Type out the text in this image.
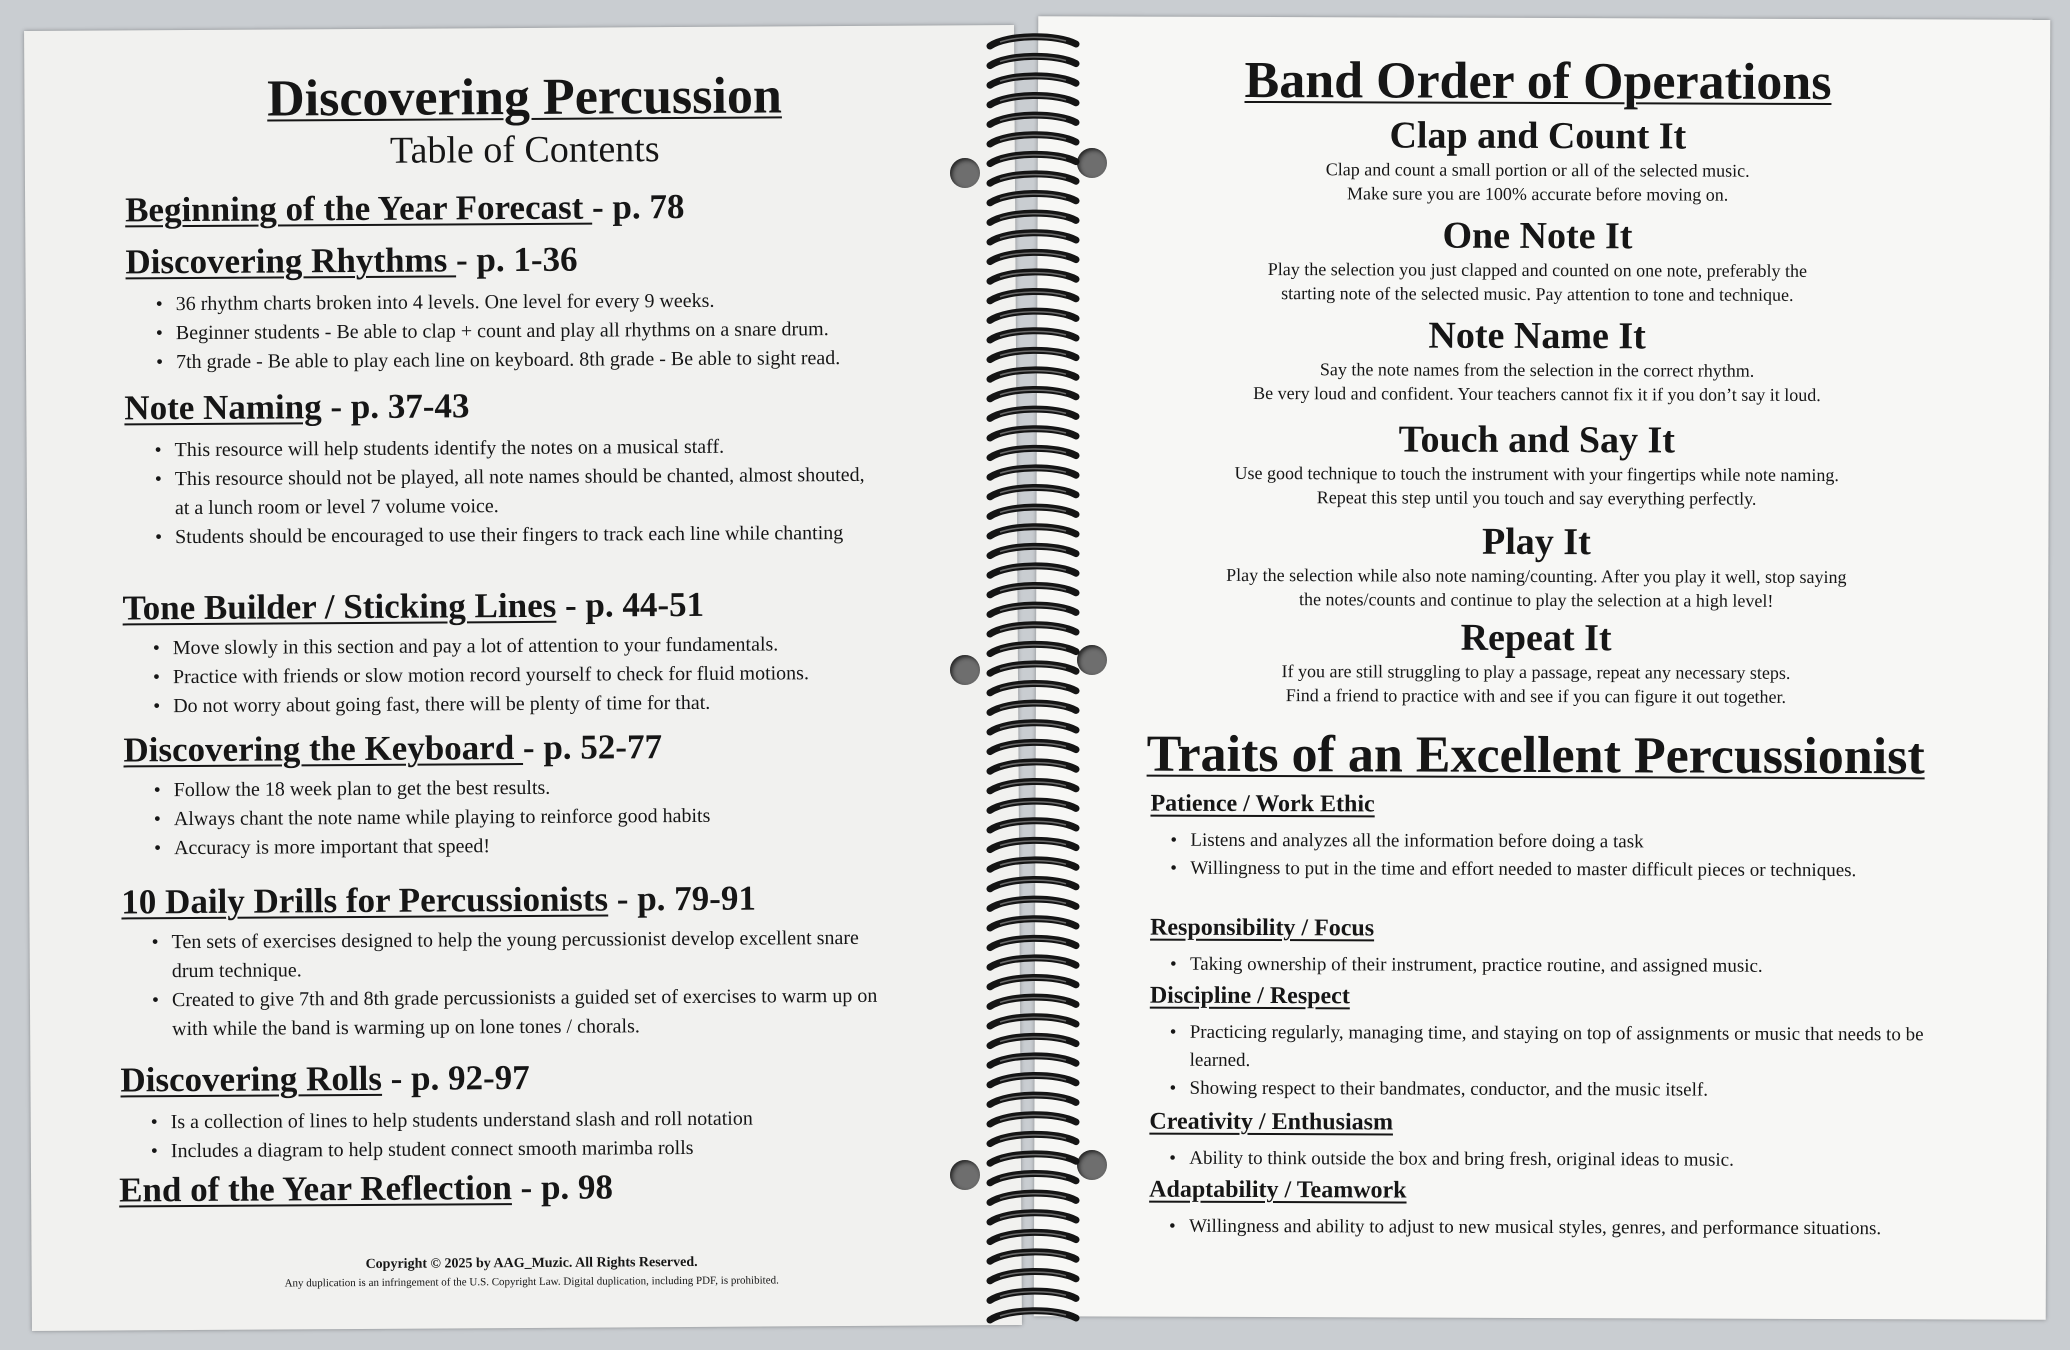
Discovering Percussion
Table of Contents
Beginning of the Year Forecast - p. 78
Discovering Rhythms - p. 1-36
• 36 rhythm charts broken into 4 levels. One level for every 9 weeks.
• Beginner students - Be able to clap + count and play all rhythms on a snare drum.
• 7th grade - Be able to play each line on keyboard. 8th grade - Be able to sight read.
Note Naming - p. 37-43
• This resource will help students identify the notes on a musical staff.
• This resource should not be played, all note names should be chanted, almost shouted, at a lunch room or level 7 volume voice.
• Students should be encouraged to use their fingers to track each line while chanting
Tone Builder / Sticking Lines - p. 44-51
• Move slowly in this section and pay a lot of attention to your fundamentals.
• Practice with friends or slow motion record yourself to check for fluid motions.
• Do not worry about going fast, there will be plenty of time for that.
Discovering the Keyboard - p. 52-77
• Follow the 18 week plan to get the best results.
• Always chant the note name while playing to reinforce good habits
• Accuracy is more important that speed!
10 Daily Drills for Percussionists - p. 79-91
• Ten sets of exercises designed to help the young percussionist develop excellent snare drum technique.
• Created to give 7th and 8th grade percussionists a guided set of exercises to warm up on with while the band is warming up on lone tones / chorals.
Discovering Rolls - p. 92-97
• Is a collection of lines to help students understand slash and roll notation
• Includes a diagram to help student connect smooth marimba rolls
End of the Year Reflection - p. 98
Copyright © 2025 by AAG_Muzic. All Rights Reserved.
Any duplication is an infringement of the U.S. Copyright Law. Digital duplication, including PDF, is prohibited.
Band Order of Operations
Clap and Count It

Clap and count a small portion or all of the selected music.

Make sure you are 100% accurate before moving on.

One Note It

Play the selection you just clapped and counted on one note, preferably the

starting note of the selected music. Pay attention to tone and technique.

Note Name It

Say the note names from the selection in the correct rhythm.

Be very loud and confident. Your teachers cannot fix it if you don’t say it loud.

Touch and Say It

Use good technique to touch the instrument with your fingertips while note naming.

Repeat this step until you touch and say everything perfectly.

Play It

Play the selection while also note naming/counting. After you play it well, stop saying

the notes/counts and continue to play the selection at a high level!

Repeat It

If you are still struggling to play a passage, repeat any necessary steps.

Find a friend to practice with and see if you can figure it out together.

Traits of an Excellent Percussionist
Patience / Work Ethic
• Listens and analyzes all the information before doing a task
• Willingness to put in the time and effort needed to master difficult pieces or techniques.
Responsibility / Focus
• Taking ownership of their instrument, practice routine, and assigned music.
Discipline / Respect
• Practicing regularly, managing time, and staying on top of assignments or music that needs to be learned.
• Showing respect to their bandmates, conductor, and the music itself.
Creativity / Enthusiasm
• Ability to think outside the box and bring fresh, original ideas to music.
Adaptability / Teamwork
• Willingness and ability to adjust to new musical styles, genres, and performance situations.
